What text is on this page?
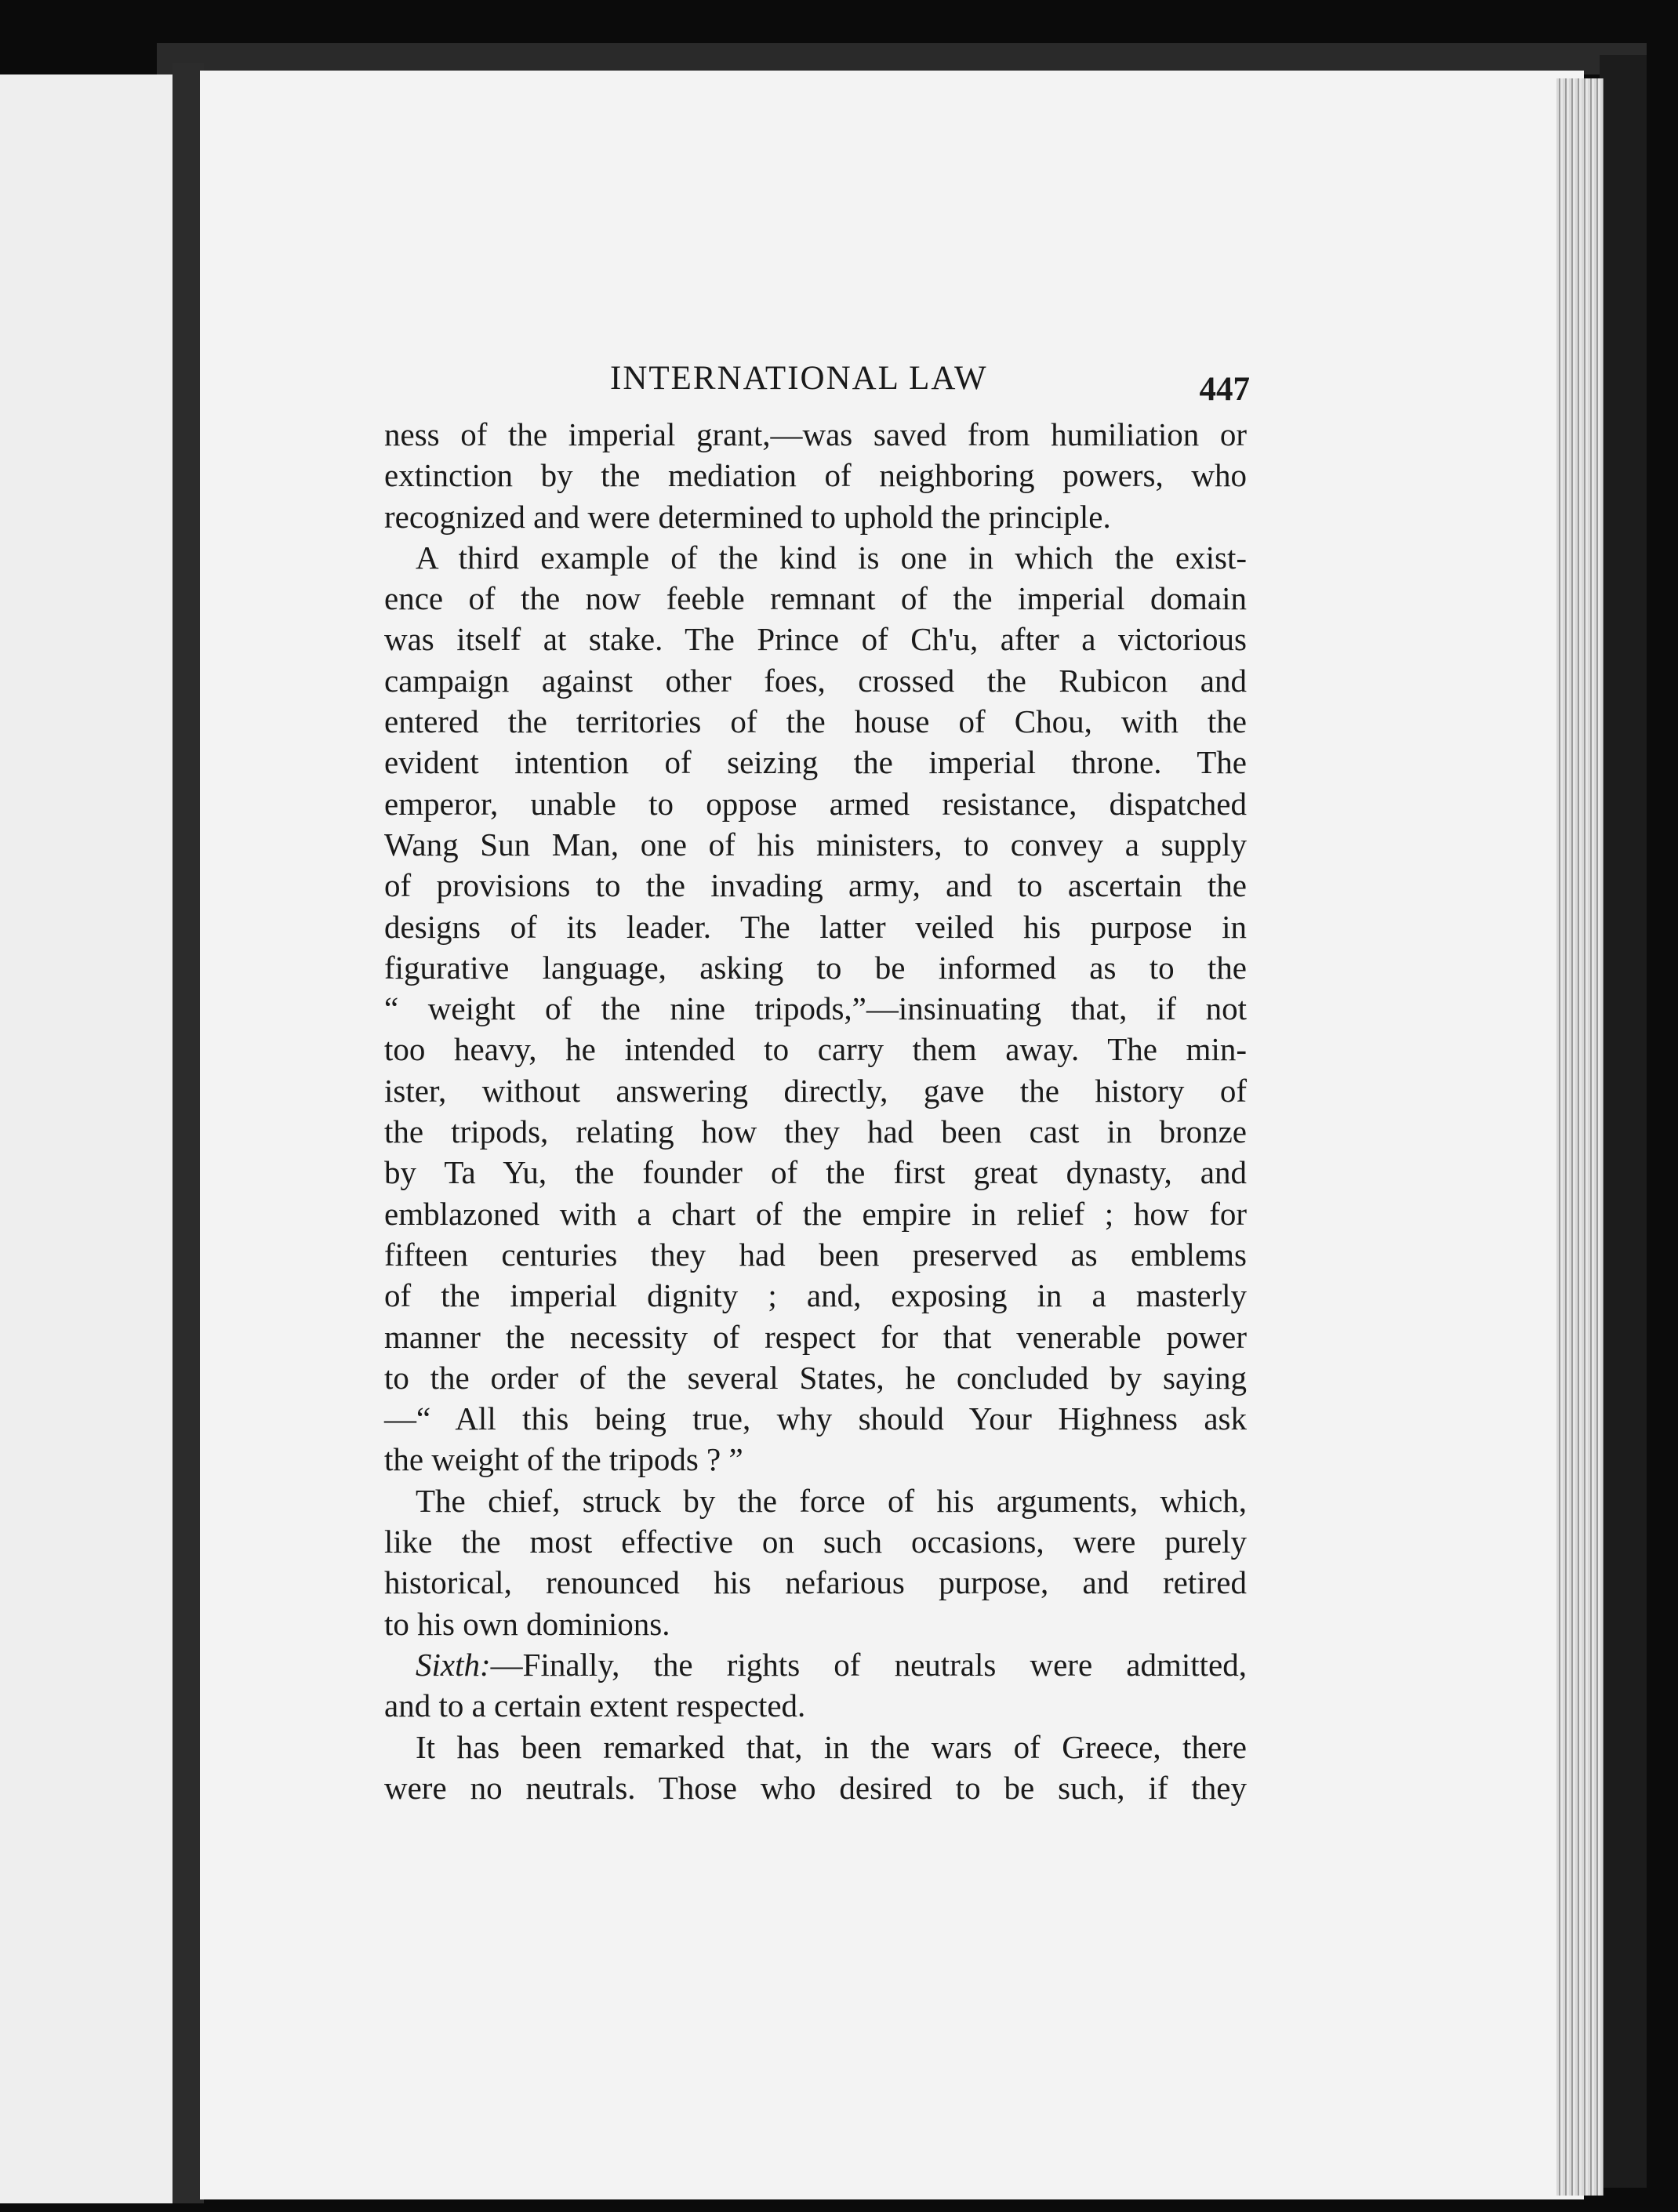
INTERNATIONAL LAW	447
ness of the imperial grant,—was saved from humiliation or
extinction by the mediation of neighboring powers, who
recognized and were determined to uphold the principle.
A third example of the kind is one in which the exist-
ence of the now feeble remnant of the imperial domain
was itself at stake. The Prince of Ch'u, after a victorious
campaign against other foes, crossed the Rubicon and
entered the territories of the house of Chou, with the
evident intention of seizing the imperial throne. The
emperor, unable to oppose armed resistance, dispatched
Wang Sun Man, one of his ministers, to convey a supply
of provisions to the invading army, and to ascertain the
designs of its leader. The latter veiled his purpose in
figurative language, asking to be informed as to the
“ weight of the nine tripods,”—insinuating that, if not
too heavy, he intended to carry them away. The min-
ister, without answering directly, gave the history of
the tripods, relating how they had been cast in bronze
by Ta Yu, the founder of the first great dynasty, and
emblazoned with a chart of the empire in relief ; how for
fifteen centuries they had been preserved as emblems
of the imperial dignity ; and, exposing in a masterly
manner the necessity of respect for that venerable power
to the order of the several States, he concluded by saying
—“ All this being true, why should Your Highness ask
the weight of the tripods ? ”
The chief, struck by the force of his arguments, which,
like the most effective on such occasions, were purely
historical, renounced his nefarious purpose, and retired
to his own dominions.
Sixth:—Finally, the rights of neutrals were admitted,
and to a certain extent respected.
It has been remarked that, in the wars of Greece, there
were no neutrals. Those who desired to be such, if they
